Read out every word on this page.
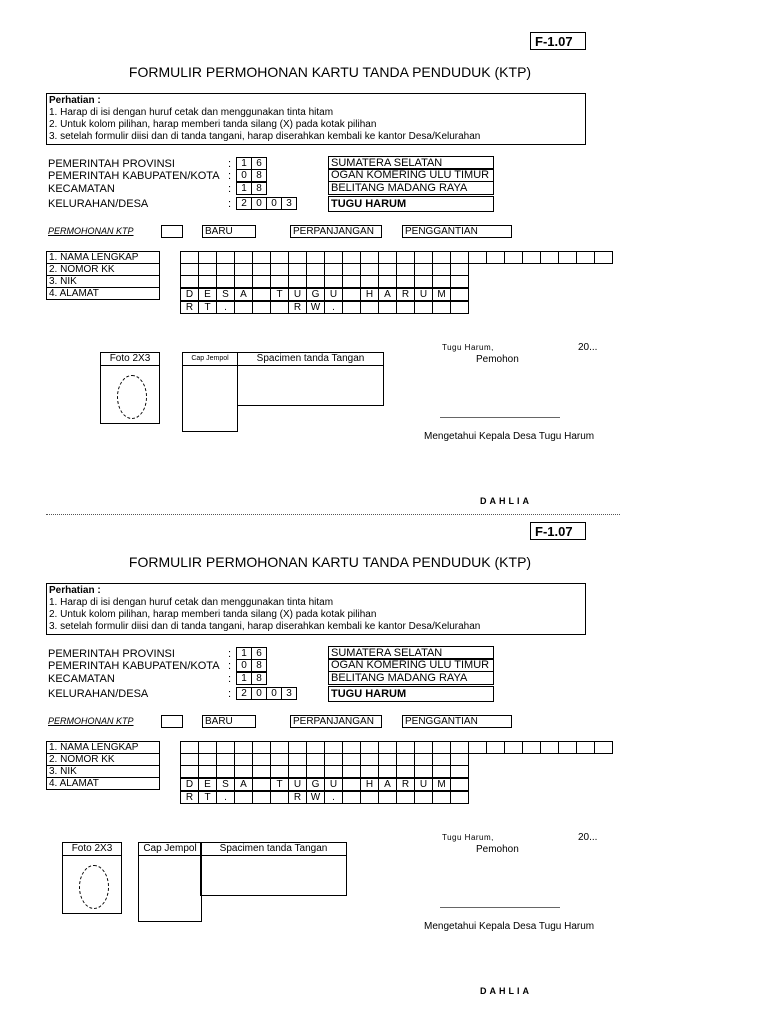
F-1.07
FORMULIR PERMOHONAN KARTU TANDA PENDUDUK (KTP)
Perhatian :
1. Harap di isi dengan huruf cetak dan menggunakan tinta hitam
2. Untuk kolom pilihan, harap memberi tanda silang (X) pada kotak pilihan
3. setelah formulir diisi dan di tanda tangani, harap diserahkan kembali ke kantor Desa/Kelurahan
PEMERINTAH PROVINSI	:	1 6	SUMATERA SELATAN
PEMERINTAH KABUPATEN/KOTA :	0 8	OGAN KOMERING ULU TIMUR
KECAMATAN	:	1 8	BELITANG MADANG RAYA
KELURAHAN/DESA	:	2 0 0 3	TUGU HARUM
PERMOHONAN KTP	BARU	PERPANJANGAN	PENGGANTIAN
1. NAMA LENGKAP
2. NOMOR KK
3. NIK
4. ALAMAT	D	E	S	A	T	U	G	U	H	A	R	U	M
R	T	.	R W	.
Foto 2X3	Cap Jempol	Spacimen tanda Tangan
Tugu Harum,	20...
Pemohon
Mengetahui Kepala Desa Tugu Harum
DAHLIA
F-1.07
FORMULIR PERMOHONAN KARTU TANDA PENDUDUK (KTP)
Perhatian :
1. Harap di isi dengan huruf cetak dan menggunakan tinta hitam
2. Untuk kolom pilihan, harap memberi tanda silang (X) pada kotak pilihan
3. setelah formulir diisi dan di tanda tangani, harap diserahkan kembali ke kantor Desa/Kelurahan
PEMERINTAH PROVINSI	:	1 6	SUMATERA SELATAN
PEMERINTAH KABUPATEN/KOTA :	0 8	OGAN KOMERING ULU TIMUR
KECAMATAN	:	1 8	BELITANG MADANG RAYA
KELURAHAN/DESA	:	2 0 0 3	TUGU HARUM
PERMOHONAN KTP	BARU	PERPANJANGAN	PENGGANTIAN
1. NAMA LENGKAP
2. NOMOR KK
3. NIK
4. ALAMAT	D	E	S	A	T	U	G	U	H	A	R	U	M
R	T	.	R W	.
Foto 2X3	Cap Jempol	Spacimen tanda Tangan
Tugu Harum,	20...
Pemohon
Mengetahui Kepala Desa Tugu Harum
DAHLIA
